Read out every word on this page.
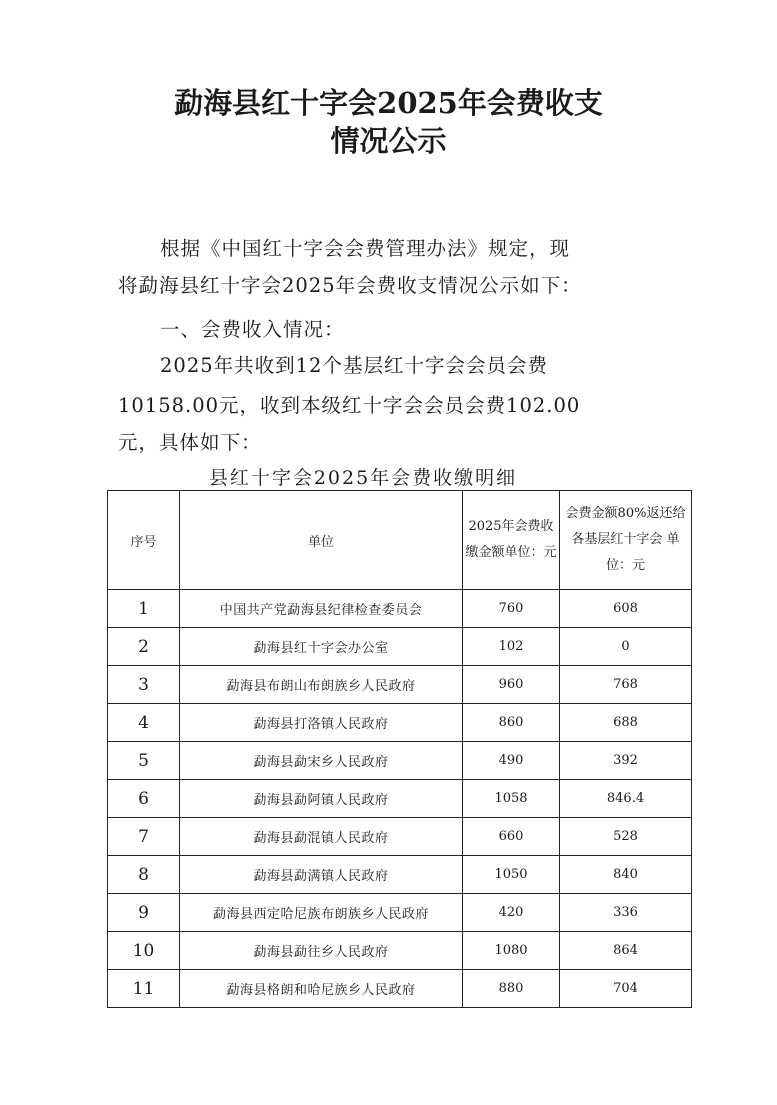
勐海县红十字会2025年会费收支
情况公示
根据《中国红十字会会费管理办法》规定，现
将勐海县红十字会2025年会费收支情况公示如下：
一、会费收入情况：
2025年共收到12个基层红十字会会员会费
10158.00元，收到本级红十字会会员会费102.00
元，具体如下：
县红十字会2025年会费收缴明细
序号	单位	2025年会费收缴金额单位：元	会费金额80%返还给各基层红十字会 单位：元
1	中国共产党勐海县纪律检查委员会	760	608
2	勐海县红十字会办公室	102	0
3	勐海县布朗山布朗族乡人民政府	960	768
4	勐海县打洛镇人民政府	860	688
5	勐海县勐宋乡人民政府	490	392
6	勐海县勐阿镇人民政府	1058	846.4
7	勐海县勐混镇人民政府	660	528
8	勐海县勐满镇人民政府	1050	840
9	勐海县西定哈尼族布朗族乡人民政府	420	336
10	勐海县勐往乡人民政府	1080	864
11	勐海县格朗和哈尼族乡人民政府	880	704
